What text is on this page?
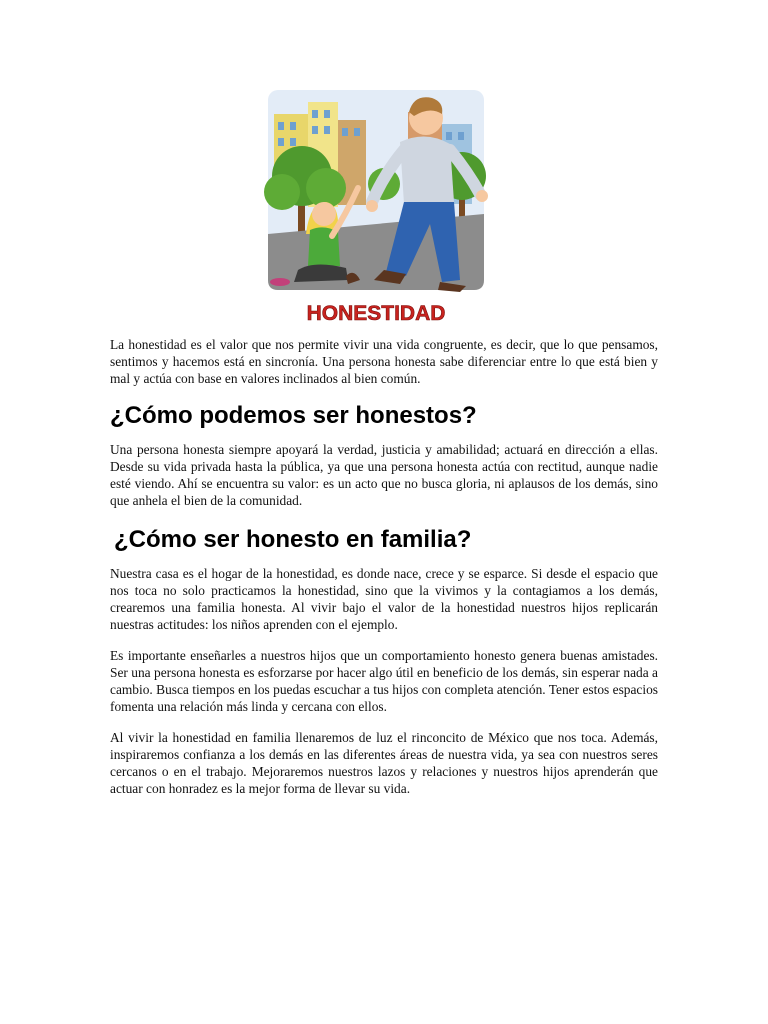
HONESTIDAD

La honestidad es el valor que nos permite vivir una vida congruente, es decir, que lo que pensamos, sentimos y hacemos está en sincronía. Una persona honesta sabe diferenciar entre lo que está bien y mal y actúa con base en valores inclinados al bien común.

¿Cómo podemos ser honestos?

Una persona honesta siempre apoyará la verdad, justicia y amabilidad; actuará en dirección a ellas. Desde su vida privada hasta la pública, ya que una persona honesta actúa con rectitud, aunque nadie esté viendo. Ahí se encuentra su valor: es un acto que no busca gloria, ni aplausos de los demás, sino que anhela el bien de la comunidad.

¿Cómo ser honesto en familia?

Nuestra casa es el hogar de la honestidad, es donde nace, crece y se esparce. Si desde el espacio que nos toca no solo practicamos la honestidad, sino que la vivimos y la contagiamos a los demás, crearemos una familia honesta. Al vivir bajo el valor de la honestidad nuestros hijos replicarán nuestras actitudes: los niños aprenden con el ejemplo.

Es importante enseñarles a nuestros hijos que un comportamiento honesto genera buenas amistades. Ser una persona honesta es esforzarse por hacer algo útil en beneficio de los demás, sin esperar nada a cambio. Busca tiempos en los puedas escuchar a tus hijos con completa atención. Tener estos espacios fomenta una relación más linda y cercana con ellos.

Al vivir la honestidad en familia llenaremos de luz el rinconcito de México que nos toca. Además, inspiraremos confianza a los demás en las diferentes áreas de nuestra vida, ya sea con nuestros seres cercanos o en el trabajo. Mejoraremos nuestros lazos y relaciones y nuestros hijos aprenderán que actuar con honradez es la mejor forma de llevar su vida.
